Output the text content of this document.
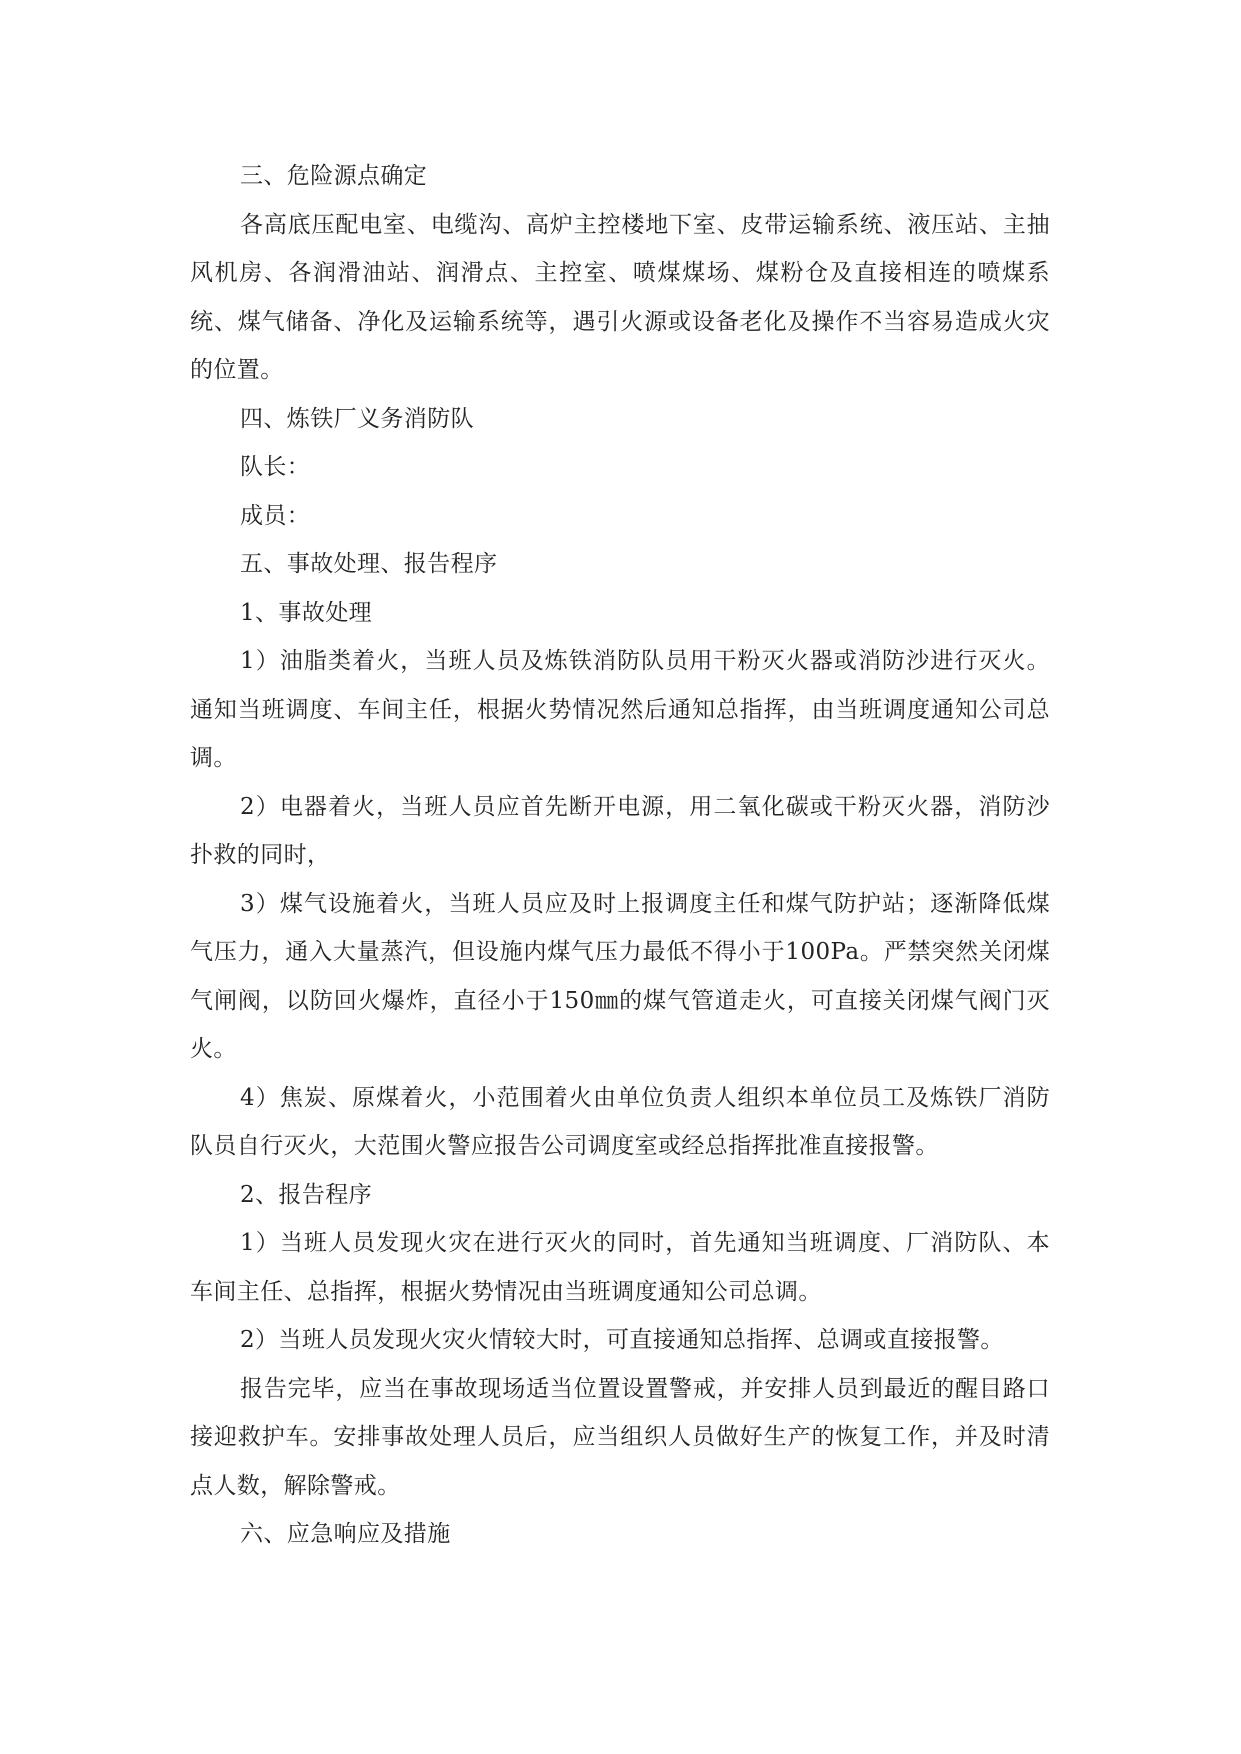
三、危险源点确定

各高底压配电室、电缆沟、高炉主控楼地下室、皮带运输系统、液压站、主抽风机房、各润滑油站、润滑点、主控室、喷煤煤场、煤粉仓及直接相连的喷煤系统、煤气储备、净化及运输系统等，遇引火源或设备老化及操作不当容易造成火灾的位置。

四、炼铁厂义务消防队

队长：

成员：

五、事故处理、报告程序

1、事故处理

1）油脂类着火，当班人员及炼铁消防队员用干粉灭火器或消防沙进行灭火。通知当班调度、车间主任，根据火势情况然后通知总指挥，由当班调度通知公司总调。

2）电器着火，当班人员应首先断开电源，用二氧化碳或干粉灭火器，消防沙扑救的同时，

3）煤气设施着火，当班人员应及时上报调度主任和煤气防护站；逐渐降低煤气压力，通入大量蒸汽，但设施内煤气压力最低不得小于100Pa。严禁突然关闭煤气闸阀，以防回火爆炸，直径小于150㎜的煤气管道走火，可直接关闭煤气阀门灭火。

4）焦炭、原煤着火，小范围着火由单位负责人组织本单位员工及炼铁厂消防队员自行灭火，大范围火警应报告公司调度室或经总指挥批准直接报警。

2、报告程序

1）当班人员发现火灾在进行灭火的同时，首先通知当班调度、厂消防队、本车间主任、总指挥，根据火势情况由当班调度通知公司总调。

2）当班人员发现火灾火情较大时，可直接通知总指挥、总调或直接报警。

报告完毕，应当在事故现场适当位置设置警戒，并安排人员到最近的醒目路口接迎救护车。安排事故处理人员后，应当组织人员做好生产的恢复工作，并及时清点人数，解除警戒。

六、应急响应及措施
